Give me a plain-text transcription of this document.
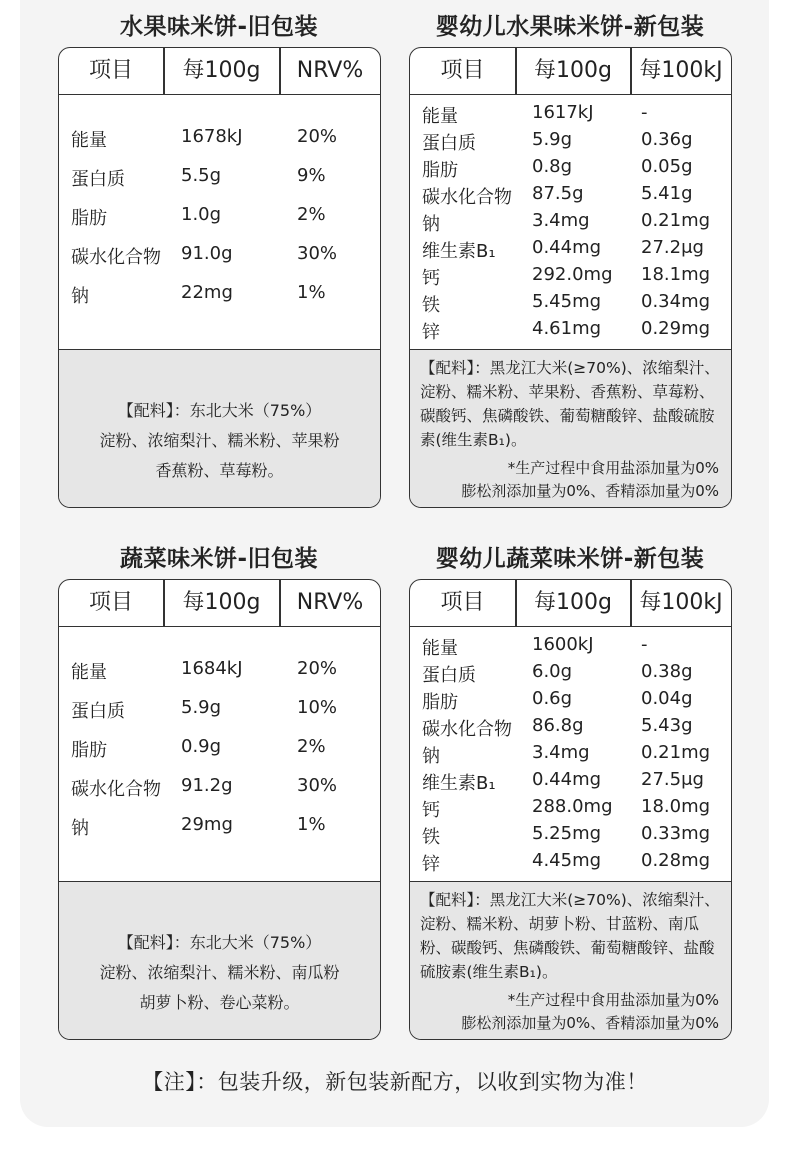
水果味米饼-旧包装
项目	每100g	NRV%
能量	1678kJ	20%
蛋白质	5.5g	9%
脂肪	1.0g	2%
碳水化合物 91.0g	30%
钠	22mg	1%
【配料】：东北大米（75%）
淀粉、浓缩梨汁、糯米粉、苹果粉
香蕉粉、草莓粉。
婴幼儿水果味米饼-新包装
项目	每100g	每100kJ
能量	1617kJ	-
蛋白质	5.9g	0.36g
脂肪	0.8g	0.05g
碳水化合物 87.5g	5.41g
钠	3.4mg	0.21mg
维生素B₁ 0.44mg 27.2μg
钙	292.0mg 18.1mg
铁	5.45mg 0.34mg
锌	4.61mg 0.29mg
【配料】：黑龙江大米(≥70%)、浓缩梨汁、淀粉、糯米粉、苹果粉、香蕉粉、草莓粉、碳酸钙、焦磷酸铁、葡萄糖酸锌、盐酸硫胺素(维生素B₁)。
*生产过程中食用盐添加量为0%
膨松剂添加量为0%、香精添加量为0%
蔬菜味米饼-旧包装
项目	每100g	NRV%
能量	1684kJ	20%
蛋白质	5.9g	10%
脂肪	0.9g	2%
碳水化合物 91.2g	30%
钠	29mg	1%
【配料】：东北大米（75%）
淀粉、浓缩梨汁、糯米粉、南瓜粉
胡萝卜粉、卷心菜粉。
婴幼儿蔬菜味米饼-新包装
项目	每100g	每100kJ
能量	1600kJ	-
蛋白质	6.0g	0.38g
脂肪	0.6g	0.04g
碳水化合物 86.8g	5.43g
钠	3.4mg	0.21mg
维生素B₁ 0.44mg 27.5μg
钙	288.0mg 18.0mg
铁	5.25mg 0.33mg
锌	4.45mg 0.28mg
【配料】：黑龙江大米(≥70%)、浓缩梨汁、淀粉、糯米粉、胡萝卜粉、甘蓝粉、南瓜粉、碳酸钙、焦磷酸铁、葡萄糖酸锌、盐酸硫胺素(维生素B₁)。
*生产过程中食用盐添加量为0%
膨松剂添加量为0%、香精添加量为0%
【注】：包装升级，新包装新配方，以收到实物为准！
